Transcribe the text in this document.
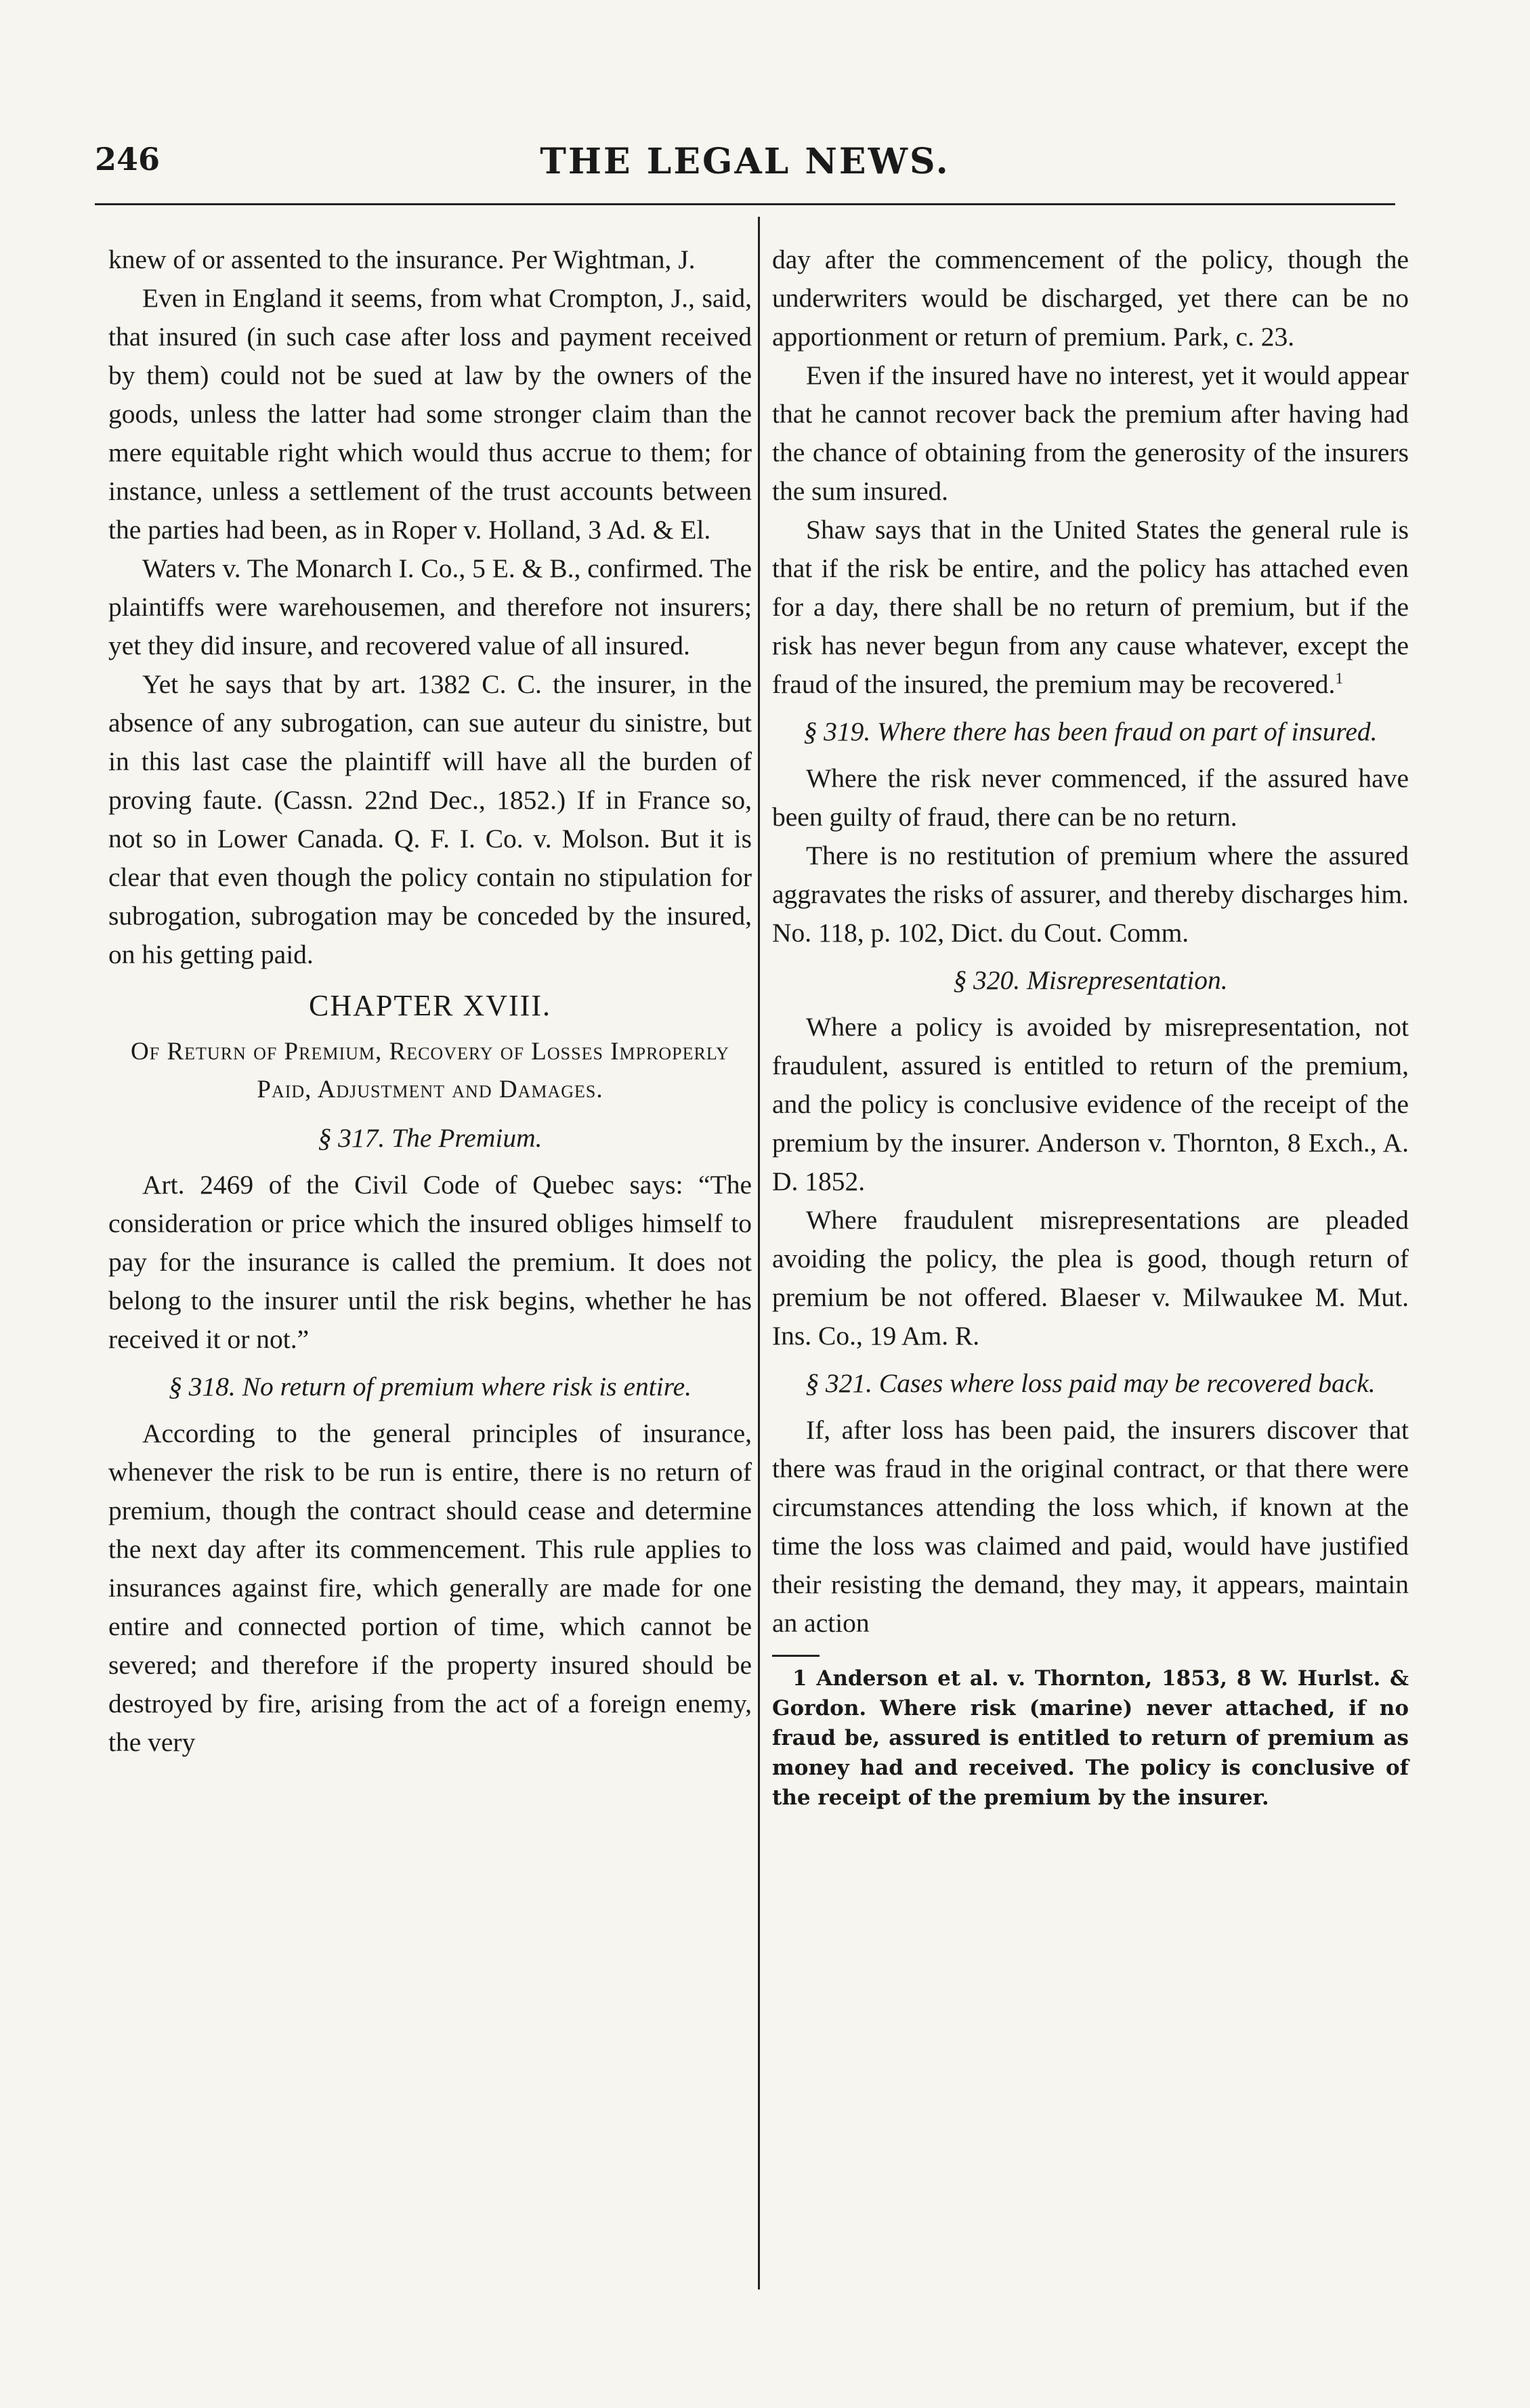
246	THE LEGAL NEWS.

knew of or assented to the insurance. Per Wightman, J.

Even in England it seems, from what Crompton, J., said, that insured (in such case after loss and payment received by them) could not be sued at law by the owners of the goods, unless the latter had some stronger claim than the mere equitable right which would thus accrue to them; for instance, unless a settlement of the trust accounts between the parties had been, as in Roper v. Holland, 3 Ad. & El.

Waters v. The Monarch I. Co., 5 E. & B., confirmed. The plaintiffs were warehousemen, and therefore not insurers; yet they did insure, and recovered value of all insured.

Yet he says that by art. 1382 C. C. the insurer, in the absence of any subrogation, can sue auteur du sinistre, but in this last case the plaintiff will have all the burden of proving faute. (Cassn. 22nd Dec., 1852.) If in France so, not so in Lower Canada. Q. F. I. Co. v. Molson. But it is clear that even though the policy contain no stipulation for subrogation, subrogation may be conceded by the insured, on his getting paid.

CHAPTER XVIII.
Of Return of Premium, Recovery of Losses Improperly Paid, Adjustment and Damages.
§ 317. The Premium.

Art. 2469 of the Civil Code of Quebec says: “The consideration or price which the insured obliges himself to pay for the insurance is called the premium. It does not belong to the insurer until the risk begins, whether he has received it or not.”

§ 318. No return of premium where risk is entire.

According to the general principles of insurance, whenever the risk to be run is entire, there is no return of premium, though the contract should cease and determine the next day after its commencement. This rule applies to insurances against fire, which generally are made for one entire and connected portion of time, which cannot be severed; and therefore if the property insured should be destroyed by fire, arising from the act of a foreign enemy, the very

day after the commencement of the policy, though the underwriters would be discharged, yet there can be no apportionment or return of premium. Park, c. 23.

Even if the insured have no interest, yet it would appear that he cannot recover back the premium after having had the chance of obtaining from the generosity of the insurers the sum insured.

Shaw says that in the United States the general rule is that if the risk be entire, and the policy has attached even for a day, there shall be no return of premium, but if the risk has never begun from any cause whatever, except the fraud of the insured, the premium may be recovered.$^1$

§ 319. Where there has been fraud on part of insured.

Where the risk never commenced, if the assured have been guilty of fraud, there can be no return.

There is no restitution of premium where the assured aggravates the risks of assurer, and thereby discharges him. No. 118, p. 102, Dict. du Cout. Comm.

§ 320. Misrepresentation.

Where a policy is avoided by misrepresentation, not fraudulent, assured is entitled to return of the premium, and the policy is conclusive evidence of the receipt of the premium by the insurer. Anderson v. Thornton, 8 Exch., A. D. 1852.

Where fraudulent misrepresentations are pleaded avoiding the policy, the plea is good, though return of premium be not offered. Blaeser v. Milwaukee M. Mut. Ins. Co., 19 Am. R.

§ 321. Cases where loss paid may be recovered back.

If, after loss has been paid, the insurers discover that there was fraud in the original contract, or that there were circumstances attending the loss which, if known at the time the loss was claimed and paid, would have justified their resisting the demand, they may, it appears, maintain an action

1 Anderson et al. v. Thornton, 1853, 8 W. Hurlst. & Gordon. Where risk (marine) never attached, if no fraud be, assured is entitled to return of premium as money had and received. The policy is conclusive of the receipt of the premium by the insurer.
